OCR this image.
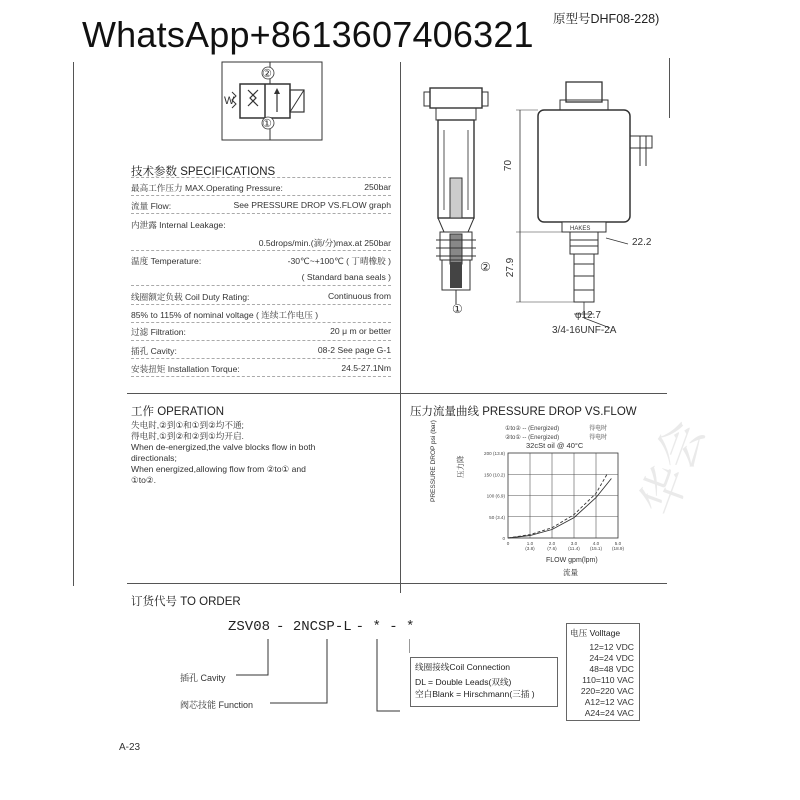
WhatsApp+8613607406321 原型号DHF08-228)
W
②
①
②
①
HAKES
70
27.9
22.2
φ12.7
3/4-16UNF-2A
技术参数 SPECIFICATIONS
最高工作压力 MAX.Operating Pressure:	250bar
流量 Flow:	See PRESSURE DROP VS.FLOW graph
内泄露 Internal Leakage:
0.5drops/min.(滴/分)max.at 250bar
温度 Temperature:	-30℃~+100℃ ( 丁晴橡胶 )
( Standard bana seals )
线圈额定负载 Coil Duty Rating:	Continuous from
85% to 115% of nominal voltage ( 连续工作电压 )
过滤 Filtration:	20 μ m or better
插孔 Cavity:	08-2 See page G-1
安装扭矩 Installation Torque:	24.5-27.1Nm
工作 OPERATION
失电时,②到①和①到②均不通;
得电时,①到②和②到①均开启.
When de-energized,the valve blocks flow in both
directionals;
When energized,allowing flow from ②to① and
①to②.
压力流量曲线 PRESSURE DROP VS.FLOW
①to② -- (Energized)	得电时
②to① -- (Energized)	得电时
32cSt oil @ 40°C
0
50 (3.4)
100 (6.9)
150 (10.2)
200 (13.8)
0	1.0
(3.8)
2.0
(7.6)
3.0
(11.4)
4.0
(15.1)
5.0
(18.9)
PRESSURE DROP psi (bar)	压力降
FLOW gpm(lpm)
流量
华会
订货代号 TO ORDER
ZSV08 - 2NCSP-L - * - *
插孔 Cavity
阀芯技能 Function
线圈接线Coil Connection
DL = Double Leads(双线)
空白Blank = Hirschmann(三插 )
电压 Volltage
12=12 VDC
24=24 VDC
48=48 VDC
110=110 VAC
220=220 VAC
A12=12 VAC
A24=24 VAC
A-23
